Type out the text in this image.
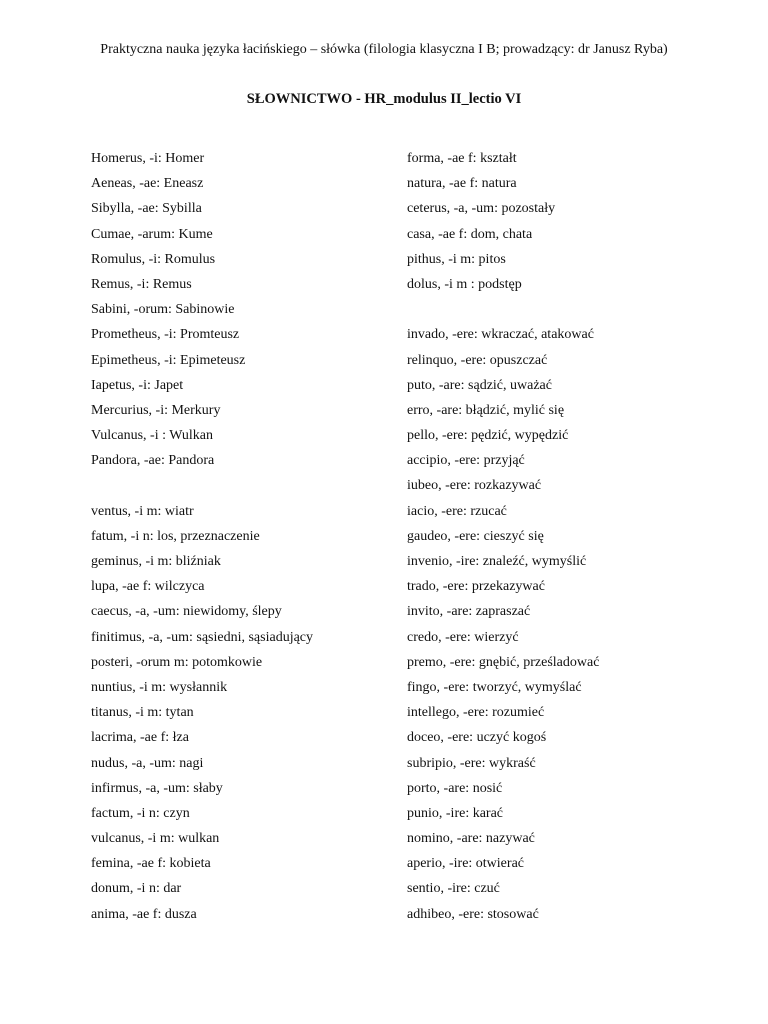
Praktyczna nauka języka łacińskiego – słówka (filologia klasyczna I B; prowadzący: dr Janusz Ryba)
SŁOWNICTWO - HR_modulus II_lectio VI
Homerus, -i: Homer
Aeneas, -ae: Eneasz
Sibylla, -ae: Sybilla
Cumae, -arum: Kume
Romulus, -i: Romulus
Remus, -i: Remus
Sabini, -orum: Sabinowie
Prometheus, -i: Promteusz
Epimetheus, -i: Epimeteusz
Iapetus, -i: Japet
Mercurius, -i: Merkury
Vulcanus, -i : Wulkan
Pandora, -ae: Pandora
ventus, -i m: wiatr
fatum, -i n: los, przeznaczenie
geminus, -i m: bliźniak
lupa, -ae f: wilczyca
caecus, -a, -um: niewidomy, ślepy
finitimus, -a, -um: sąsiedni, sąsiadujący
posteri, -orum m: potomkowie
nuntius, -i m: wysłannik
titanus, -i m: tytan
lacrima, -ae f: łza
nudus, -a, -um: nagi
infirmus, -a, -um: słaby
factum, -i n: czyn
vulcanus, -i m: wulkan
femina, -ae f: kobieta
donum, -i n: dar
anima, -ae f: dusza
forma, -ae f: kształt
natura, -ae f: natura
ceterus, -a, -um: pozostały
casa, -ae f: dom, chata
pithus, -i m: pitos
dolus, -i m : podstęp
invado, -ere: wkraczać, atakować
relinquo, -ere: opuszczać
puto, -are: sądzić, uważać
erro, -are: błądzić, mylić się
pello, -ere: pędzić, wypędzić
accipio, -ere: przyjąć
iubeo, -ere: rozkazywać
iacio, -ere: rzucać
gaudeo, -ere: cieszyć się
invenio, -ire: znaleźć, wymyślić
trado, -ere: przekazywać
invito, -are: zapraszać
credo, -ere: wierzyć
premo, -ere: gnębić, prześladować
fingo, -ere: tworzyć, wymyślać
intellego, -ere: rozumieć
doceo, -ere: uczyć kogoś
subripio, -ere: wykraść
porto, -are: nosić
punio, -ire: karać
nomino, -are: nazywać
aperio, -ire: otwierać
sentio, -ire: czuć
adhibeo, -ere: stosować
